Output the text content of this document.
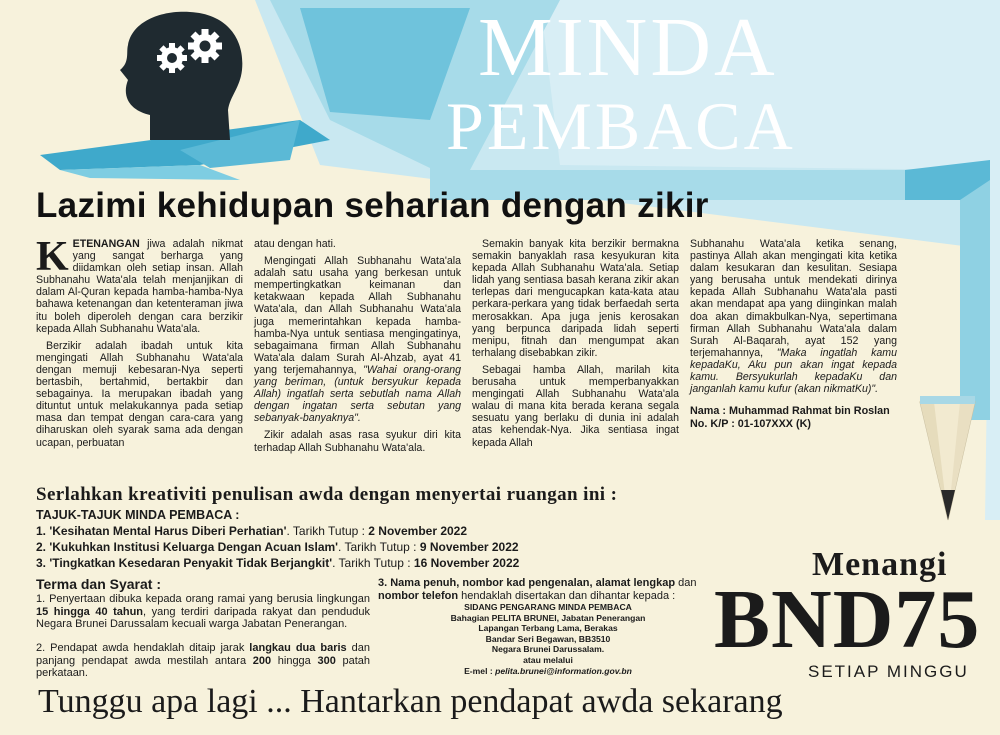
MINDA
PEMBACA
Lazimi kehidupan seharian dengan zikir

KETENANGAN jiwa adalah nikmat yang sangat berharga yang diidamkan oleh setiap insan. Allah Subhanahu Wata'ala telah menjanjikan di dalam Al-Quran kepada hamba-hamba-Nya bahawa ketenangan dan ketenteraman jiwa itu boleh diperoleh dengan cara berzikir kepada Allah Subhanahu Wata'ala.

Berzikir adalah ibadah untuk kita mengingati Allah Subhanahu Wata'ala dengan memuji kebesaran-Nya seperti bertasbih, bertahmid, bertakbir dan sebagainya. Ia merupakan ibadah yang dituntut untuk melakukannya pada setiap masa dan tempat dengan cara-cara yang diharuskan oleh syarak sama ada dengan ucapan, perbuatan

atau dengan hati.

Mengingati Allah Subhanahu Wata'ala adalah satu usaha yang berkesan untuk mempertingkatkan keimanan dan ketakwaan kepada Allah Subhanahu Wata'ala, dan Allah Subhanahu Wata'ala juga memerintahkan kepada hamba-hamba-Nya untuk sentiasa mengingatinya, sebagaimana firman Allah Subhanahu Wata'ala dalam Surah Al-Ahzab, ayat 41 yang terjemahannya, "Wahai orang-orang yang beriman, (untuk bersyukur kepada Allah) ingatlah serta sebutlah nama Allah dengan ingatan serta sebutan yang sebanyak-banyaknya".

Zikir adalah asas rasa syukur diri kita terhadap Allah Subhanahu Wata'ala.

Semakin banyak kita berzikir bermakna semakin banyaklah rasa kesyukuran kita kepada Allah Subhanahu Wata'ala. Setiap lidah yang sentiasa basah kerana zikir akan terlepas dari mengucapkan kata-kata atau perkara-perkara yang tidak berfaedah serta merosakkan. Apa juga jenis kerosakan yang berpunca daripada lidah seperti menipu, fitnah dan mengumpat akan terhalang disebabkan zikir.

Sebagai hamba Allah, marilah kita berusaha untuk memperbanyakkan mengingati Allah Subhanahu Wata'ala walau di mana kita berada kerana segala sesuatu yang berlaku di dunia ini adalah atas kehendak-Nya. Jika sentiasa ingat kepada Allah

Subhanahu Wata'ala ketika senang, pastinya Allah akan mengingati kita ketika dalam kesukaran dan kesulitan. Sesiapa yang berusaha untuk mendekati dirinya kepada Allah Subhanahu Wata'ala pasti akan mendapat apa yang diinginkan malah doa akan dimakbulkan-Nya, sepertimana firman Allah Subhanahu Wata'ala dalam Surah Al-Baqarah, ayat 152 yang terjemahannya, "Maka ingatlah kamu kepadaKu, Aku pun akan ingat kepada kamu. Bersyukurlah kepadaKu dan janganlah kamu kufur (akan nikmatKu)".

Nama : Muhammad Rahmat bin Roslan
No. K/P : 01-107XXX (K)
Serlahkan kreativiti penulisan awda dengan menyertai ruangan ini :
TAJUK-TAJUK MINDA PEMBACA :
1. 'Kesihatan Mental Harus Diberi Perhatian'. Tarikh Tutup : 2 November 2022
2. 'Kukuhkan Institusi Keluarga Dengan Acuan Islam'. Tarikh Tutup : 9 November 2022
3. 'Tingkatkan Kesedaran Penyakit Tidak Berjangkit'. Tarikh Tutup : 16 November 2022
Terma dan Syarat :
1. Penyertaan dibuka kepada orang ramai yang berusia lingkungan 15 hingga 40 tahun, yang terdiri daripada rakyat dan penduduk Negara Brunei Darussalam kecuali warga Jabatan Penerangan.
2. Pendapat awda hendaklah ditaip jarak langkau dua baris dan panjang pendapat awda mestilah antara 200 hingga 300 patah perkataan.
3. Nama penuh, nombor kad pengenalan, alamat lengkap dan nombor telefon hendaklah disertakan dan dihantar kepada :
SIDANG PENGARANG MINDA PEMBACA
Bahagian PELITA BRUNEI, Jabatan Penerangan
Lapangan Terbang Lama, Berakas
Bandar Seri Begawan, BB3510
Negara Brunei Darussalam.
atau melalui
E-mel : pelita.brunei@information.gov.bn
Menangi
BND75
SETIAP MINGGU
Tunggu apa lagi ... Hantarkan pendapat awda sekarang
